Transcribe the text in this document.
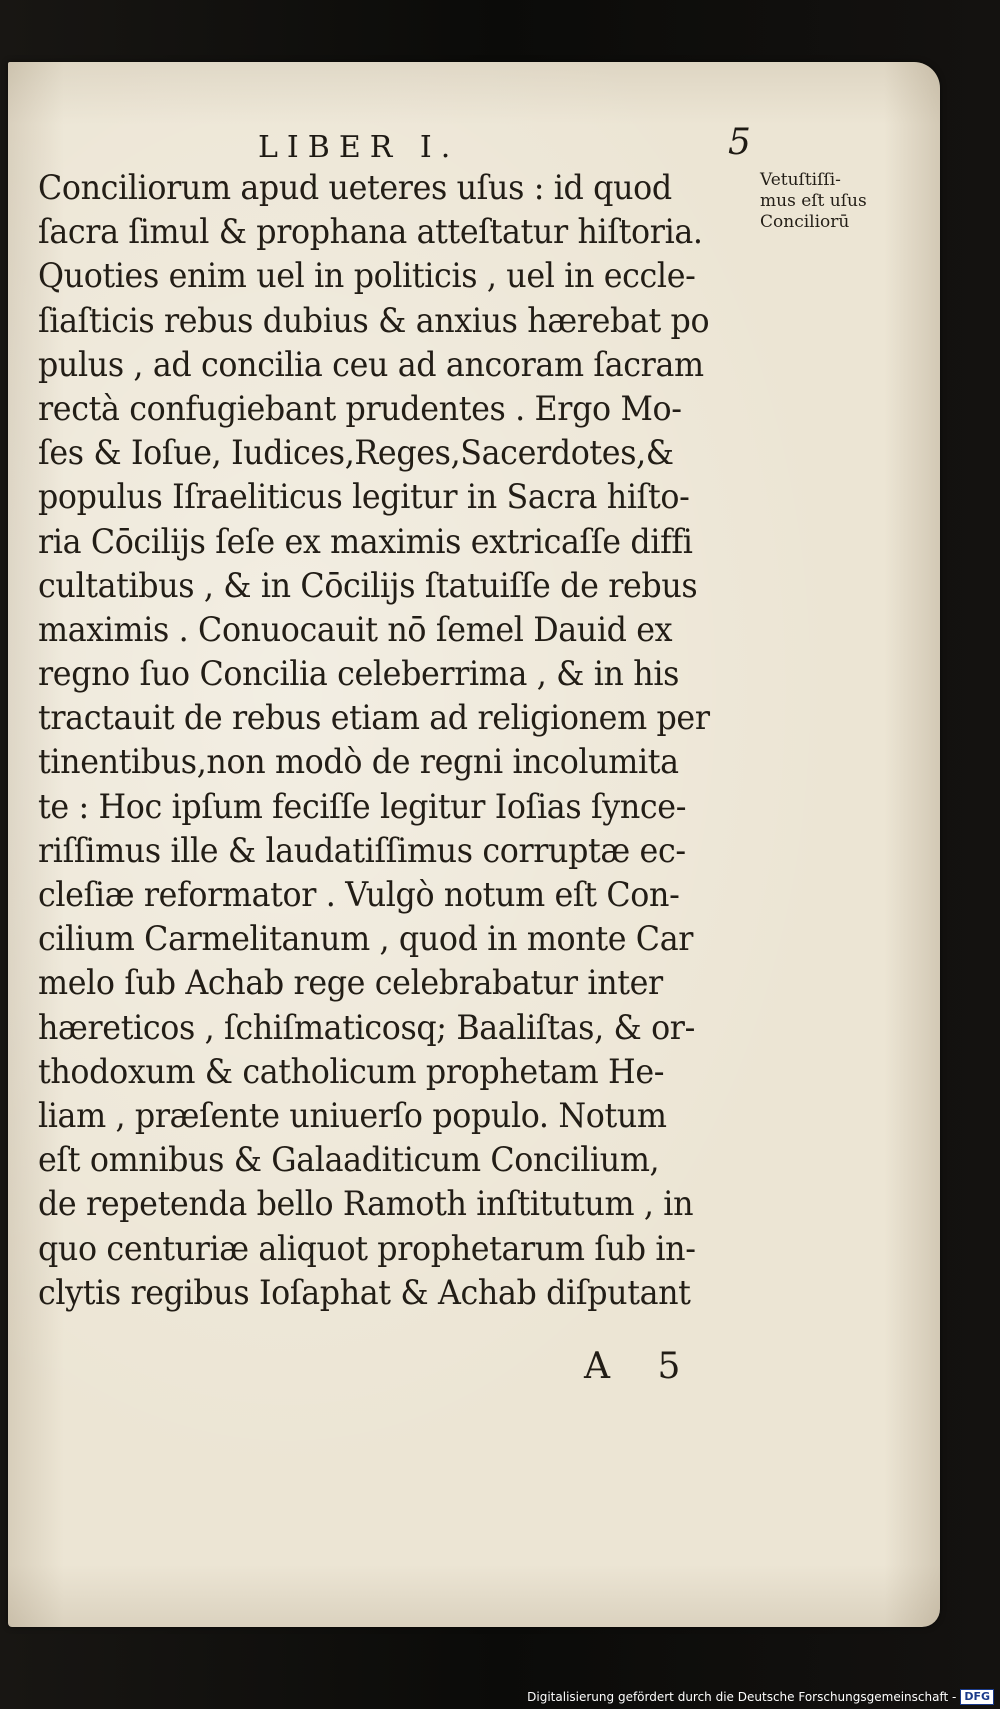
LIBER I.	5
Vetuſtiſſi-
mus eſt uſus
Conciliorū
Conciliorum apud ueteres uſus : id quod
ſacra ſimul & prophana atteſtatur hiſtoria.
Quoties enim uel in politicis , uel in eccle-
ſiaſticis rebus dubius & anxius hærebat po
pulus , ad concilia ceu ad ancoram ſacram
rectà confugiebant prudentes . Ergo Mo-
ſes & Ioſue, Iudices,Reges,Sacerdotes,&
populus Iſraeliticus legitur in Sacra hiſto-
ria Cōcilijs ſeſe ex maximis extricaſſe diffi
cultatibus , & in Cōcilijs ſtatuiſſe de rebus
maximis . Conuocauit nō ſemel Dauid ex
regno ſuo Concilia celeberrima , & in his
tractauit de rebus etiam ad religionem per
tinentibus,non modò de regni incolumita
te : Hoc ipſum feciſſe legitur Ioſias ſynce-
riſſimus ille & laudatiſſimus corruptæ ec-
cleſiæ reformator . Vulgò notum eſt Con-
cilium Carmelitanum , quod in monte Car
melo ſub Achab rege celebrabatur inter
hæreticos , ſchiſmaticosq; Baaliſtas, & or-
thodoxum & catholicum prophetam He-
liam , præſente uniuerſo populo. Notum
eſt omnibus & Galaaditicum Concilium,
de repetenda bello Ramoth inſtitutum , in
quo centuriæ aliquot prophetarum ſub in-
clytis regibus Ioſaphat & Achab diſputant
A 5
Digitalisierung gefördert durch die Deutsche Forschungsgemeinschaft - DFG
